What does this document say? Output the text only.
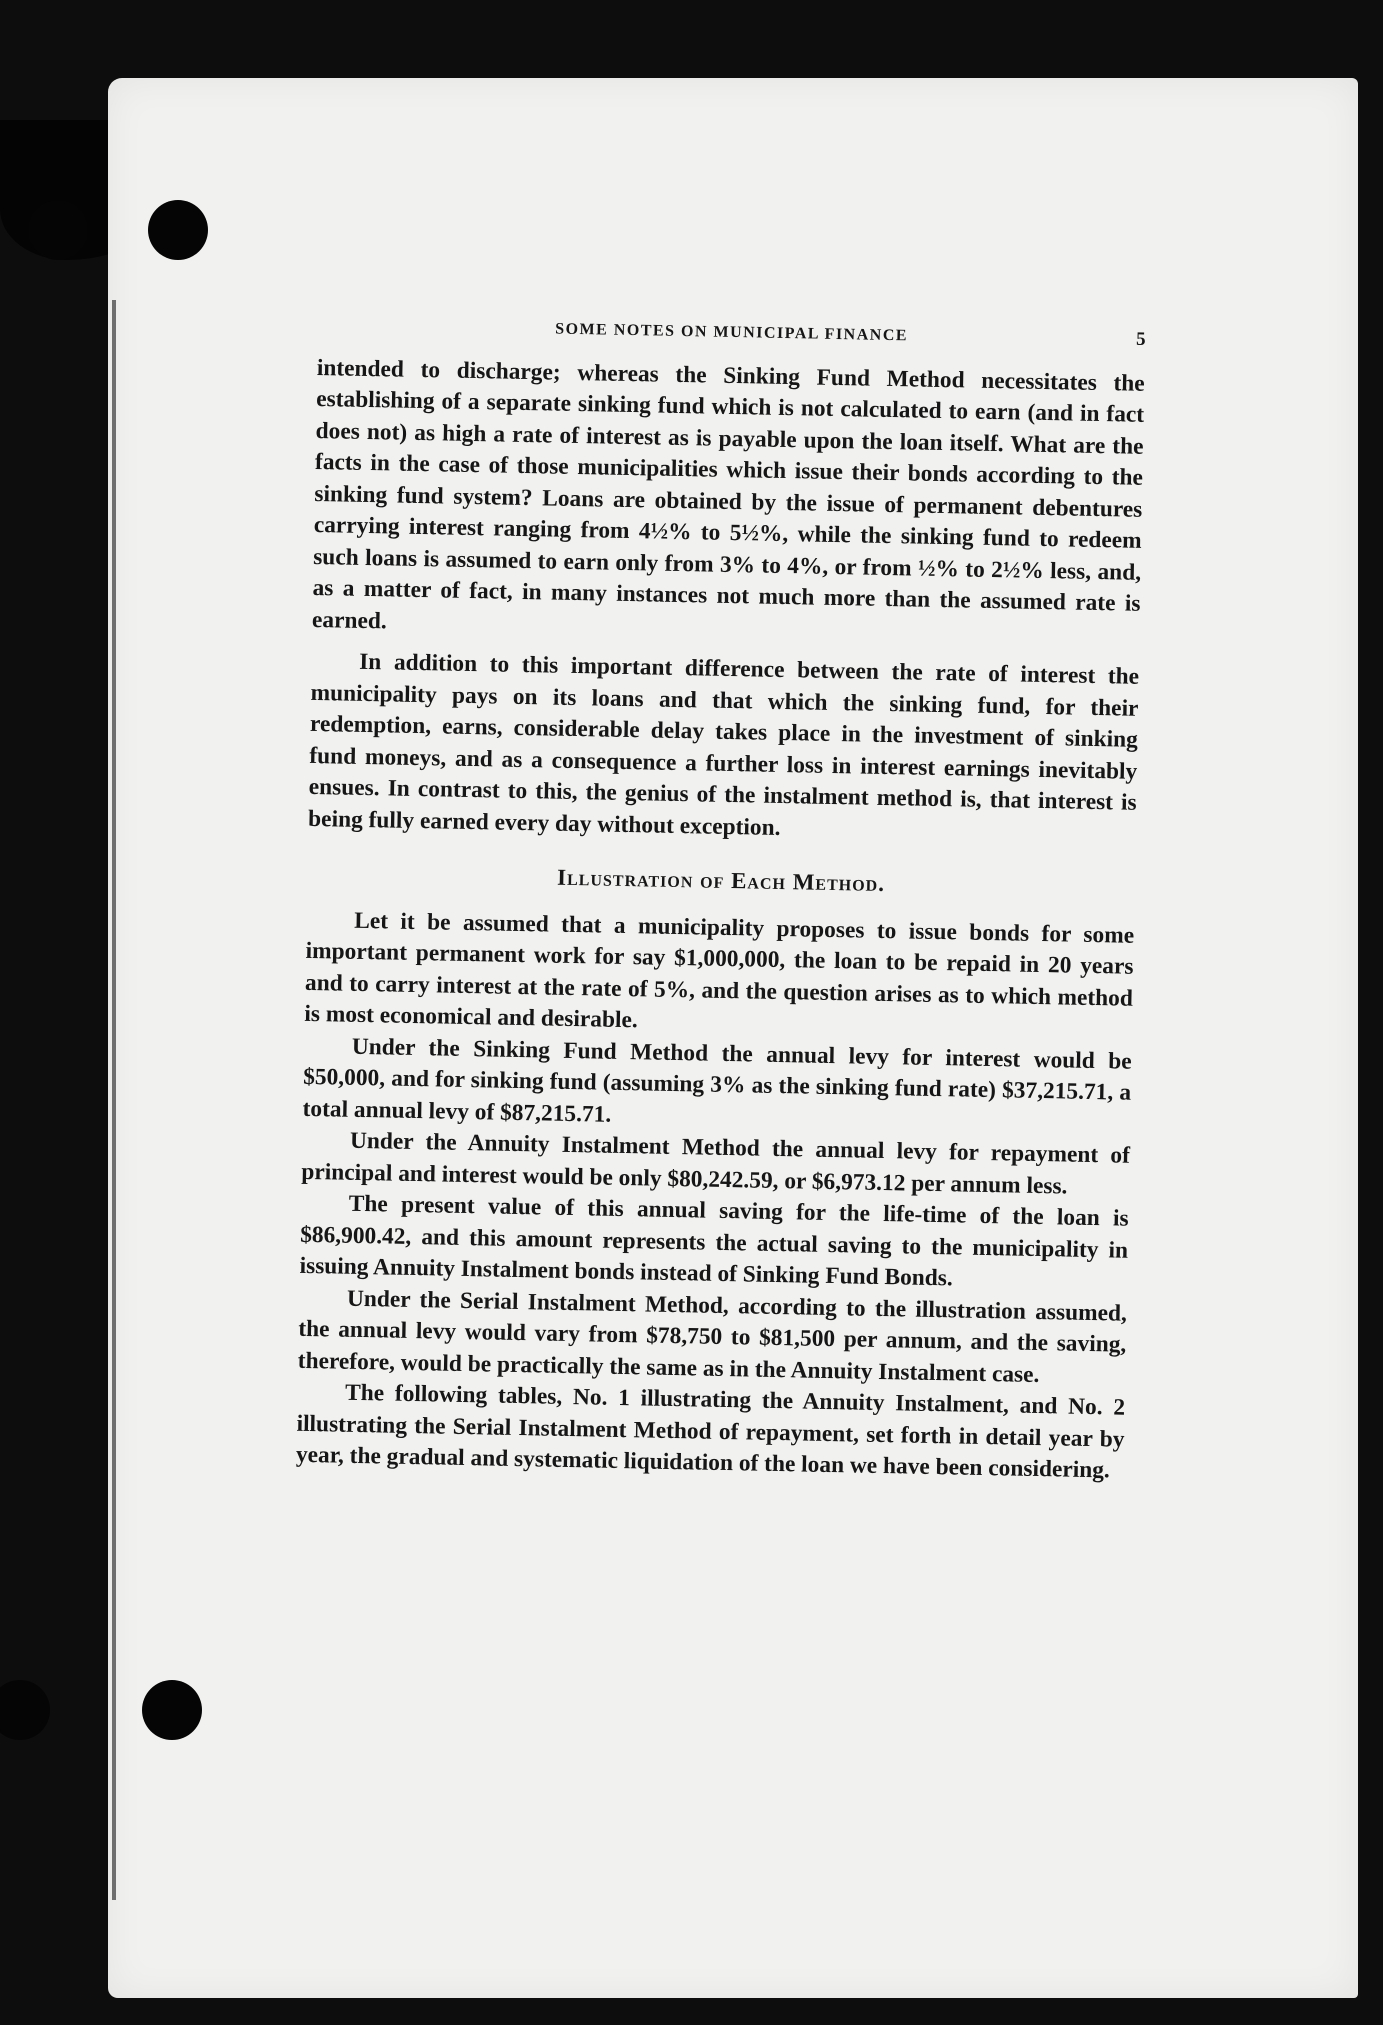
SOME NOTES ON MUNICIPAL FINANCE	5

intended to discharge; whereas the Sinking Fund Method necessitates the establishing of a separate sinking fund which is not calculated to earn (and in fact does not) as high a rate of interest as is payable upon the loan itself. What are the facts in the case of those municipalities which issue their bonds according to the sinking fund system? Loans are obtained by the issue of permanent debentures carrying interest ranging from 4½% to 5½%, while the sinking fund to redeem such loans is assumed to earn only from 3% to 4%, or from ½% to 2½% less, and, as a matter of fact, in many instances not much more than the assumed rate is earned.

In addition to this important difference between the rate of interest the municipality pays on its loans and that which the sinking fund, for their redemption, earns, considerable delay takes place in the investment of sinking fund moneys, and as a consequence a further loss in interest earnings inevitably ensues. In contrast to this, the genius of the instalment method is, that interest is being fully earned every day without exception.

Illustration of Each Method.

Let it be assumed that a municipality proposes to issue bonds for some important permanent work for say $1,000,000, the loan to be repaid in 20 years and to carry interest at the rate of 5%, and the question arises as to which method is most economical and desirable.

Under the Sinking Fund Method the annual levy for interest would be $50,000, and for sinking fund (assuming 3% as the sinking fund rate) $37,215.71, a total annual levy of $87,215.71.

Under the Annuity Instalment Method the annual levy for repayment of principal and interest would be only $80,242.59, or $6,973.12 per annum less.

The present value of this annual saving for the life-time of the loan is $86,900.42, and this amount represents the actual saving to the municipality in issuing Annuity Instalment bonds instead of Sinking Fund Bonds.

Under the Serial Instalment Method, according to the illustration assumed, the annual levy would vary from $78,750 to $81,500 per annum, and the saving, therefore, would be practically the same as in the Annuity Instalment case.

The following tables, No. 1 illustrating the Annuity Instalment, and No. 2 illustrating the Serial Instalment Method of repayment, set forth in detail year by year, the gradual and systematic liquidation of the loan we have been considering.
